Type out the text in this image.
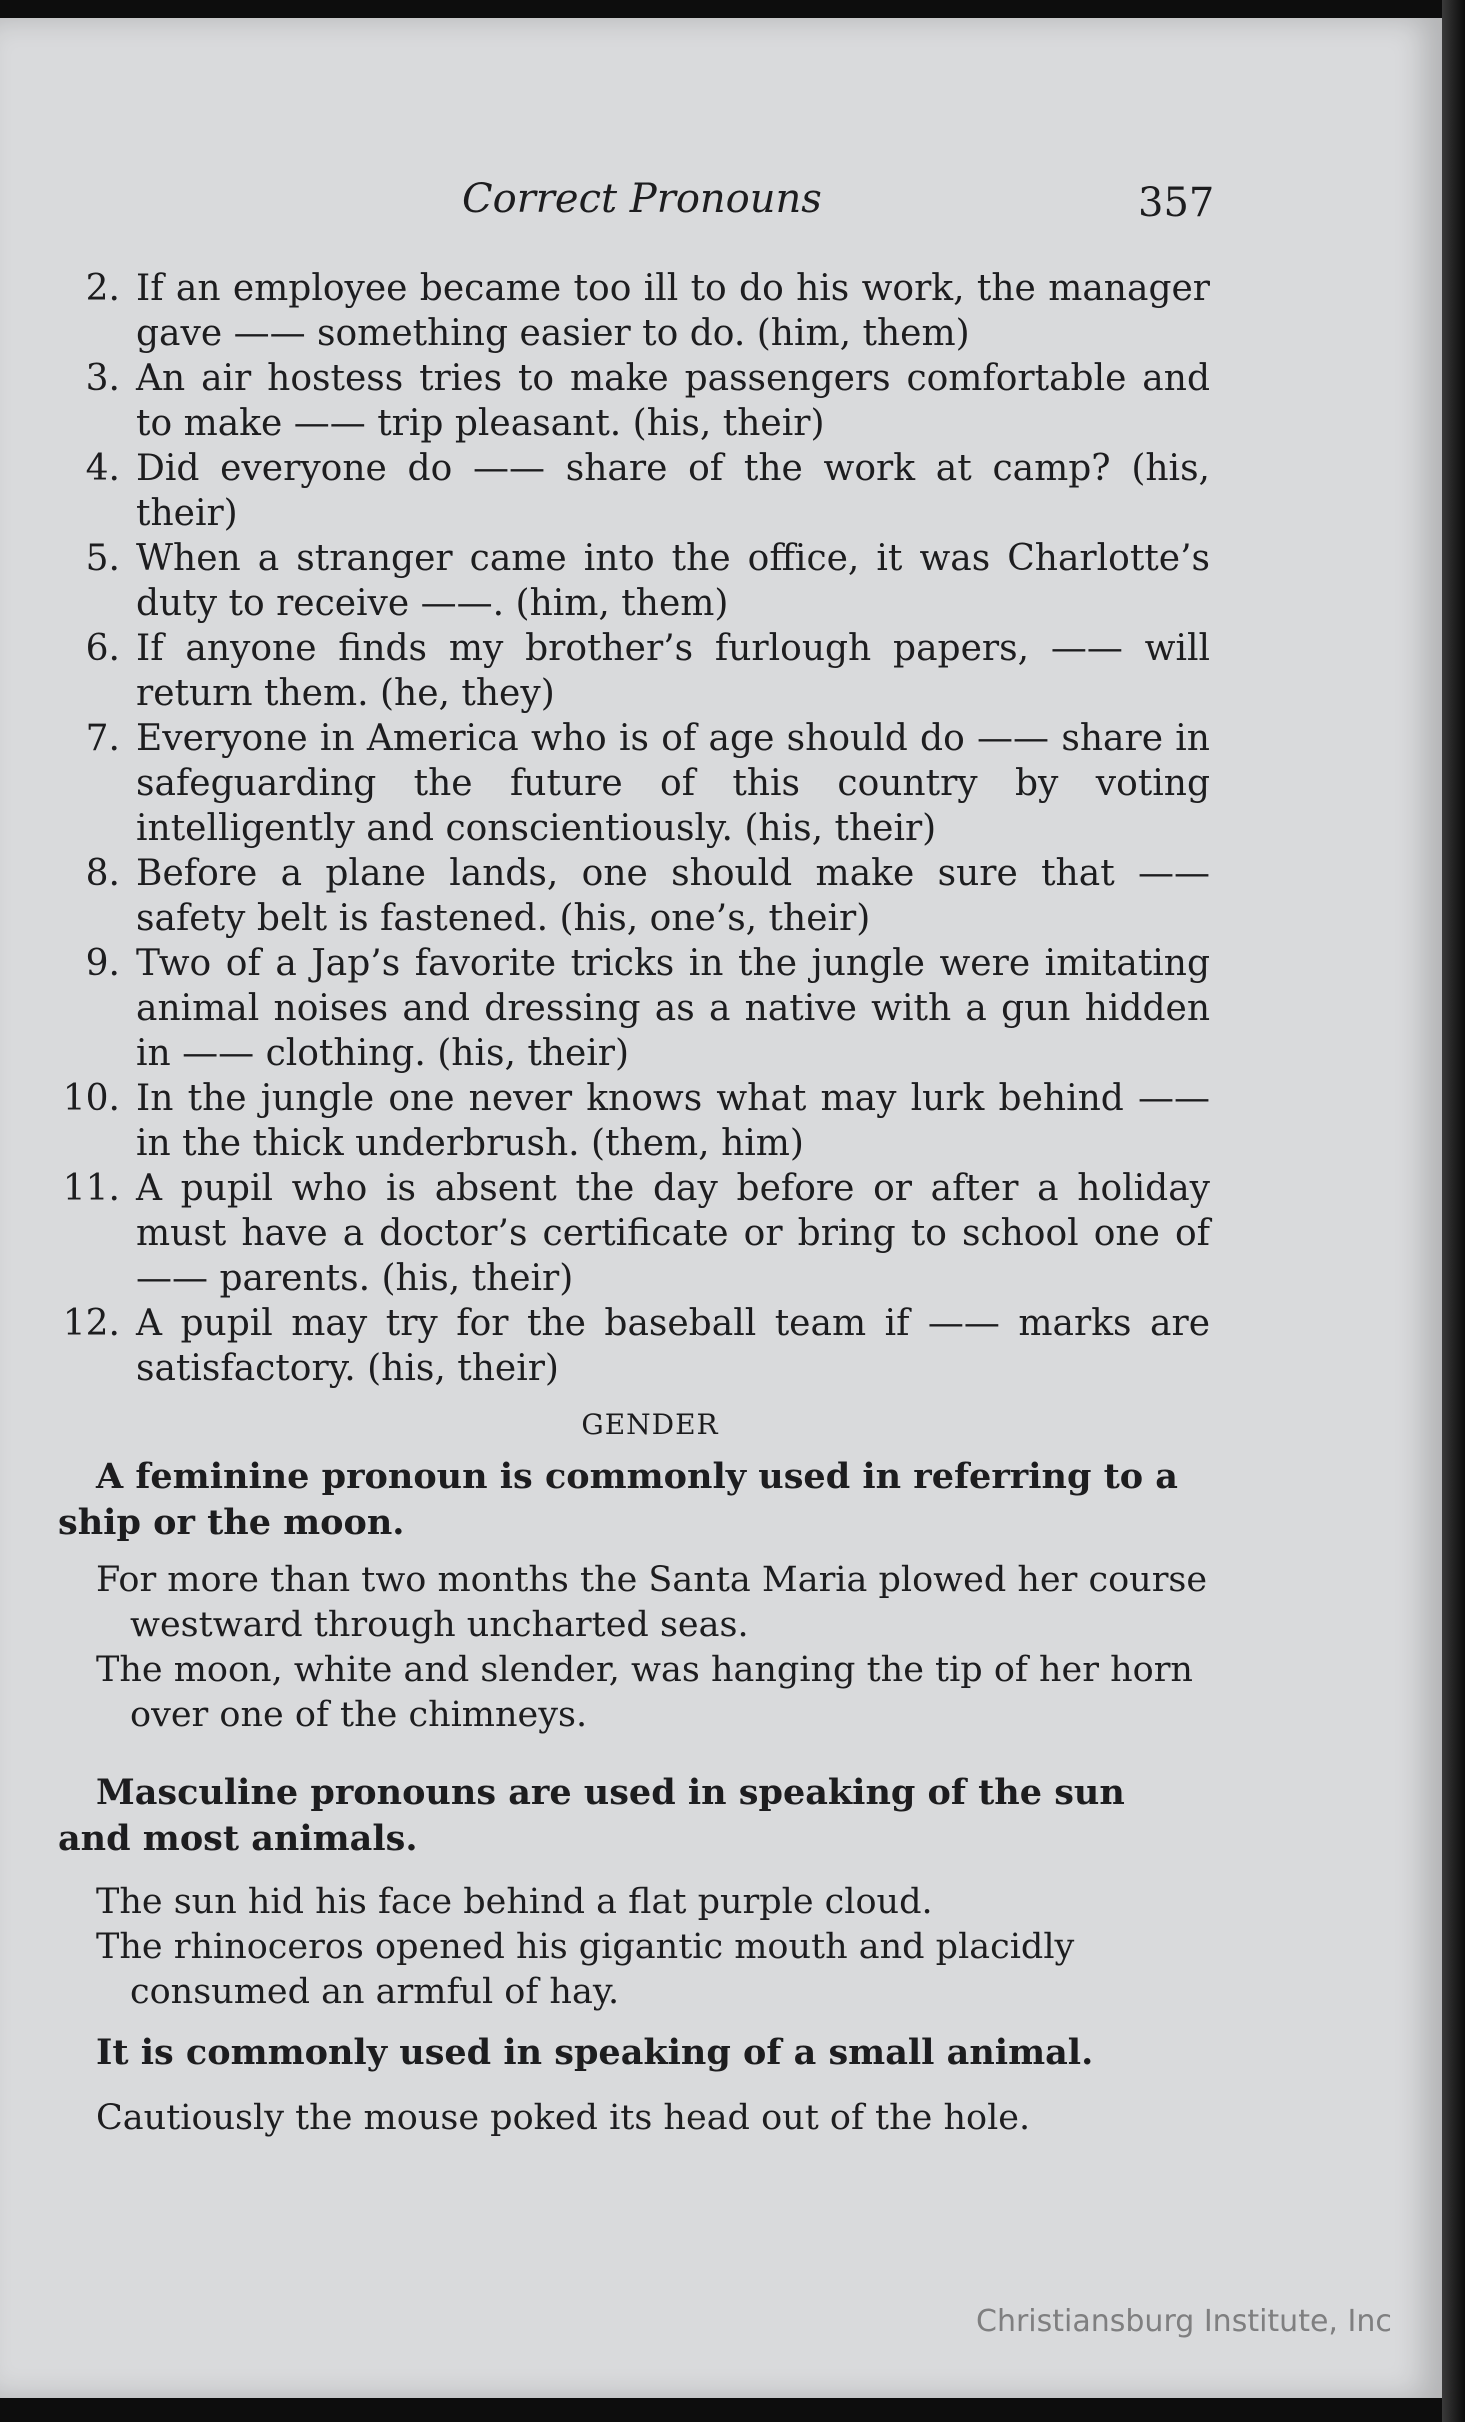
Correct Pronouns	357
2. If an employee became too ill to do his work, the manager gave —— something easier to do. (him, them)
3. An air hostess tries to make passengers comfortable and to make —— trip pleasant. (his, their)
4. Did everyone do —— share of the work at camp? (his, their)
5. When a stranger came into the office, it was Charlotte’s duty to receive ——. (him, them)
6. If anyone finds my brother’s furlough papers, —— will return them. (he, they)
7. Everyone in America who is of age should do —— share in safeguarding the future of this country by voting intelligently and conscientiously. (his, their)
8. Before a plane lands, one should make sure that —— safety belt is fastened. (his, one’s, their)
9. Two of a Jap’s favorite tricks in the jungle were imitating animal noises and dressing as a native with a gun hidden in —— clothing. (his, their)
10. In the jungle one never knows what may lurk behind —— in the thick underbrush. (them, him)
11. A pupil who is absent the day before or after a holiday must have a doctor’s certificate or bring to school one of —— parents. (his, their)
12. A pupil may try for the baseball team if —— marks are satisfactory. (his, their)
GENDER
A feminine pronoun is commonly used in referring to a ship or the moon.
For more than two months the Santa Maria plowed her course westward through uncharted seas.
The moon, white and slender, was hanging the tip of her horn over one of the chimneys.
Masculine pronouns are used in speaking of the sun and most animals.
The sun hid his face behind a flat purple cloud.
The rhinoceros opened his gigantic mouth and placidly consumed an armful of hay.
It is commonly used in speaking of a small animal.
Cautiously the mouse poked its head out of the hole.
Christiansburg Institute, Inc
